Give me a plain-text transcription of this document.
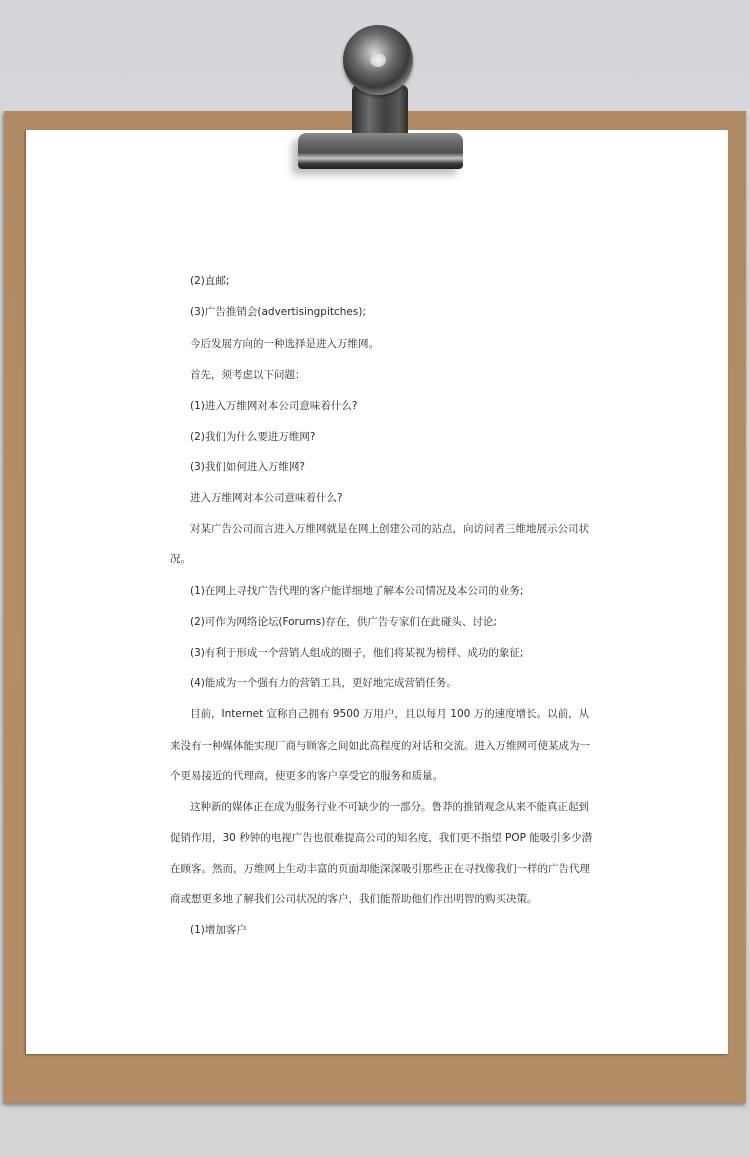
(2)直邮;
(3)广告推销会(advertisingpitches);
今后发展方向的一种选择是进入万维网。
首先，须考虑以下问题：
(1)进入万维网对本公司意味着什么?
(2)我们为什么要进万维网?
(3)我们如何进入万维网?
进入万维网对本公司意味着什么?
对某广告公司而言进入万维网就是在网上创建公司的站点，向访问者三维地展示公司状
况。
(1)在网上寻找广告代理的客户能详细地了解本公司情况及本公司的业务;
(2)可作为网络论坛(Forums)存在，供广告专家们在此碰头、讨论;
(3)有利于形成一个营销人组成的圈子，他们将某视为榜样、成功的象征;
(4)能成为一个强有力的营销工具，更好地完成营销任务。
目前，Internet 宣称自己拥有 9500 万用户，且以每月 100 万的速度增长。以前，从
来没有一种媒体能实现厂商与顾客之间如此高程度的对话和交流。进入万维网可使某成为一
个更易接近的代理商，使更多的客户享受它的服务和质量。
这种新的媒体正在成为服务行业不可缺少的一部分。鲁莽的推销观念从来不能真正起到
促销作用，30 秒钟的电视广告也很难提高公司的知名度，我们更不指望 POP 能吸引多少潜
在顾客。然而，万维网上生动丰富的页面却能深深吸引那些正在寻找像我们一样的广告代理
商或想更多地了解我们公司状况的客户，我们能帮助他们作出明智的购买决策。
(1)增加客户
